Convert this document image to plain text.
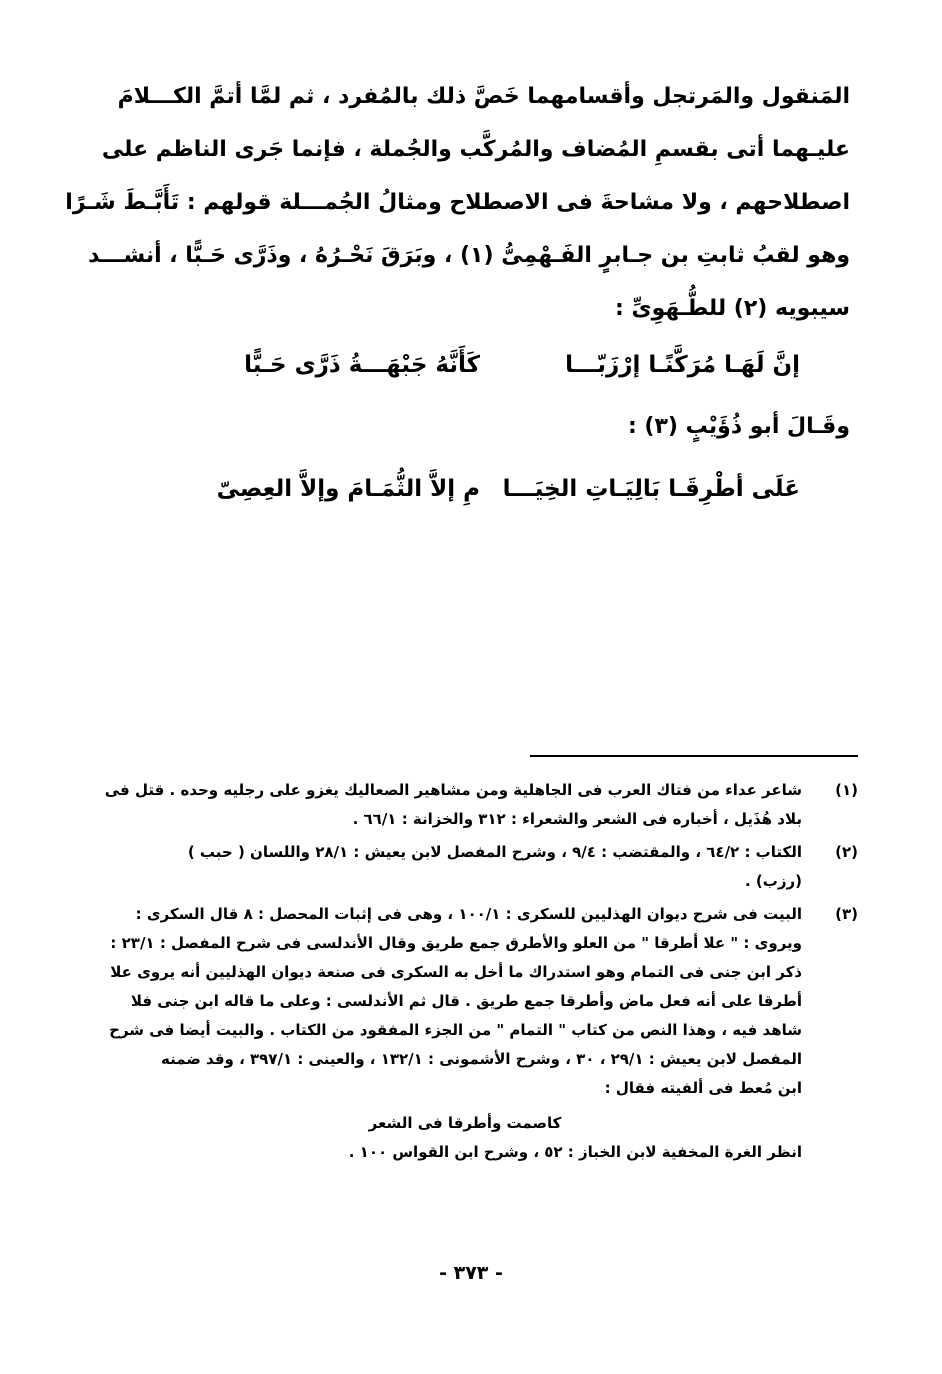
المَنقول والمَرتجل وأقسامهما خَصَّ ذلك بالمُفرد ، ثم لمَّا أتمَّ الكـــلامَ
عليـهما أتى بقسمِ المُضاف والمُركَّب والجُملة ، فإنما جَرى الناظم على
اصطلاحهم ، ولا مشاحةَ فى الاصطلاح ومثالُ الجُمـــلة قولهم : تَأَبَّـطَ شَـرًا
وهو لقبُ ثابتِ بن جـابرٍ الفَـهْمِىُّ (١) ، وبَرَقَ نَحْـرُهُ ، وذَرَّى حَـبًّا ، أنشـــد
سيبويه (٢) للطُّـهَوِىِّ :
إنَّ لَهَـا مُرَكَّنًـا إرْزَبّـــا
كَأَنَّهُ جَبْهَـــةُ ذَرَّى حَـبًّا
وقَـالَ أبو ذُؤَيْبٍ (٣) :
عَلَى أطْرِقَـا بَالِيَـاتِ الخِيَـــا
مِ إلاَّ الثُّمَـامَ وإلاَّ العِصِىّ
(١)
شاعر عداء من فتاك العرب فى الجاهلية ومن مشاهير الصعاليك يغزو على رجليه وحده . قتل فى
بلاد هُذَيل ، أخباره فى الشعر والشعراء : ٣١٢ والخزانة : ٦٦/١ .
(٢)
الكتاب : ٦٤/٢ ، والمقتضب : ٩/٤ ، وشرح المفصل لابن يعيش : ٢٨/١ واللسان ( حبب )
(رزب) .
(٣)
البيت فى شرح ديوان الهذليين للسكرى : ١٠٠/١ ، وهى فى إثبات المحصل : ٨ قال السكرى :
ويروى : " علا أطرقا " من العلو والأطرق جمع طريق وقال الأندلسى فى شرح المفصل : ٢٣/١ :
ذكر ابن جنى فى التمام وهو استدراك ما أخل به السكرى فى صنعة ديوان الهذليين أنه يروى علا
أطرقا على أنه فعل ماض وأطرقا جمع طريق . قال ثم الأندلسى : وعلى ما قاله ابن جنى فلا
شاهد فيه ، وهذا النص من كتاب " التمام " من الجزء المفقود من الكتاب . والبيت أيضا فى شرح
المفصل لابن يعيش : ٢٩/١ ، ٣٠ ، وشرح الأشمونى : ١٣٢/١ ، والعينى : ٣٩٧/١ ، وقد ضمنه
ابن مُعط فى ألفيته فقال :
كاصمت وأطرقا فى الشعر
انظر الغرة المخفية لابن الخباز : ٥٢ ، وشرح ابن القواس ١٠٠ .
- ٣٧٣ -
